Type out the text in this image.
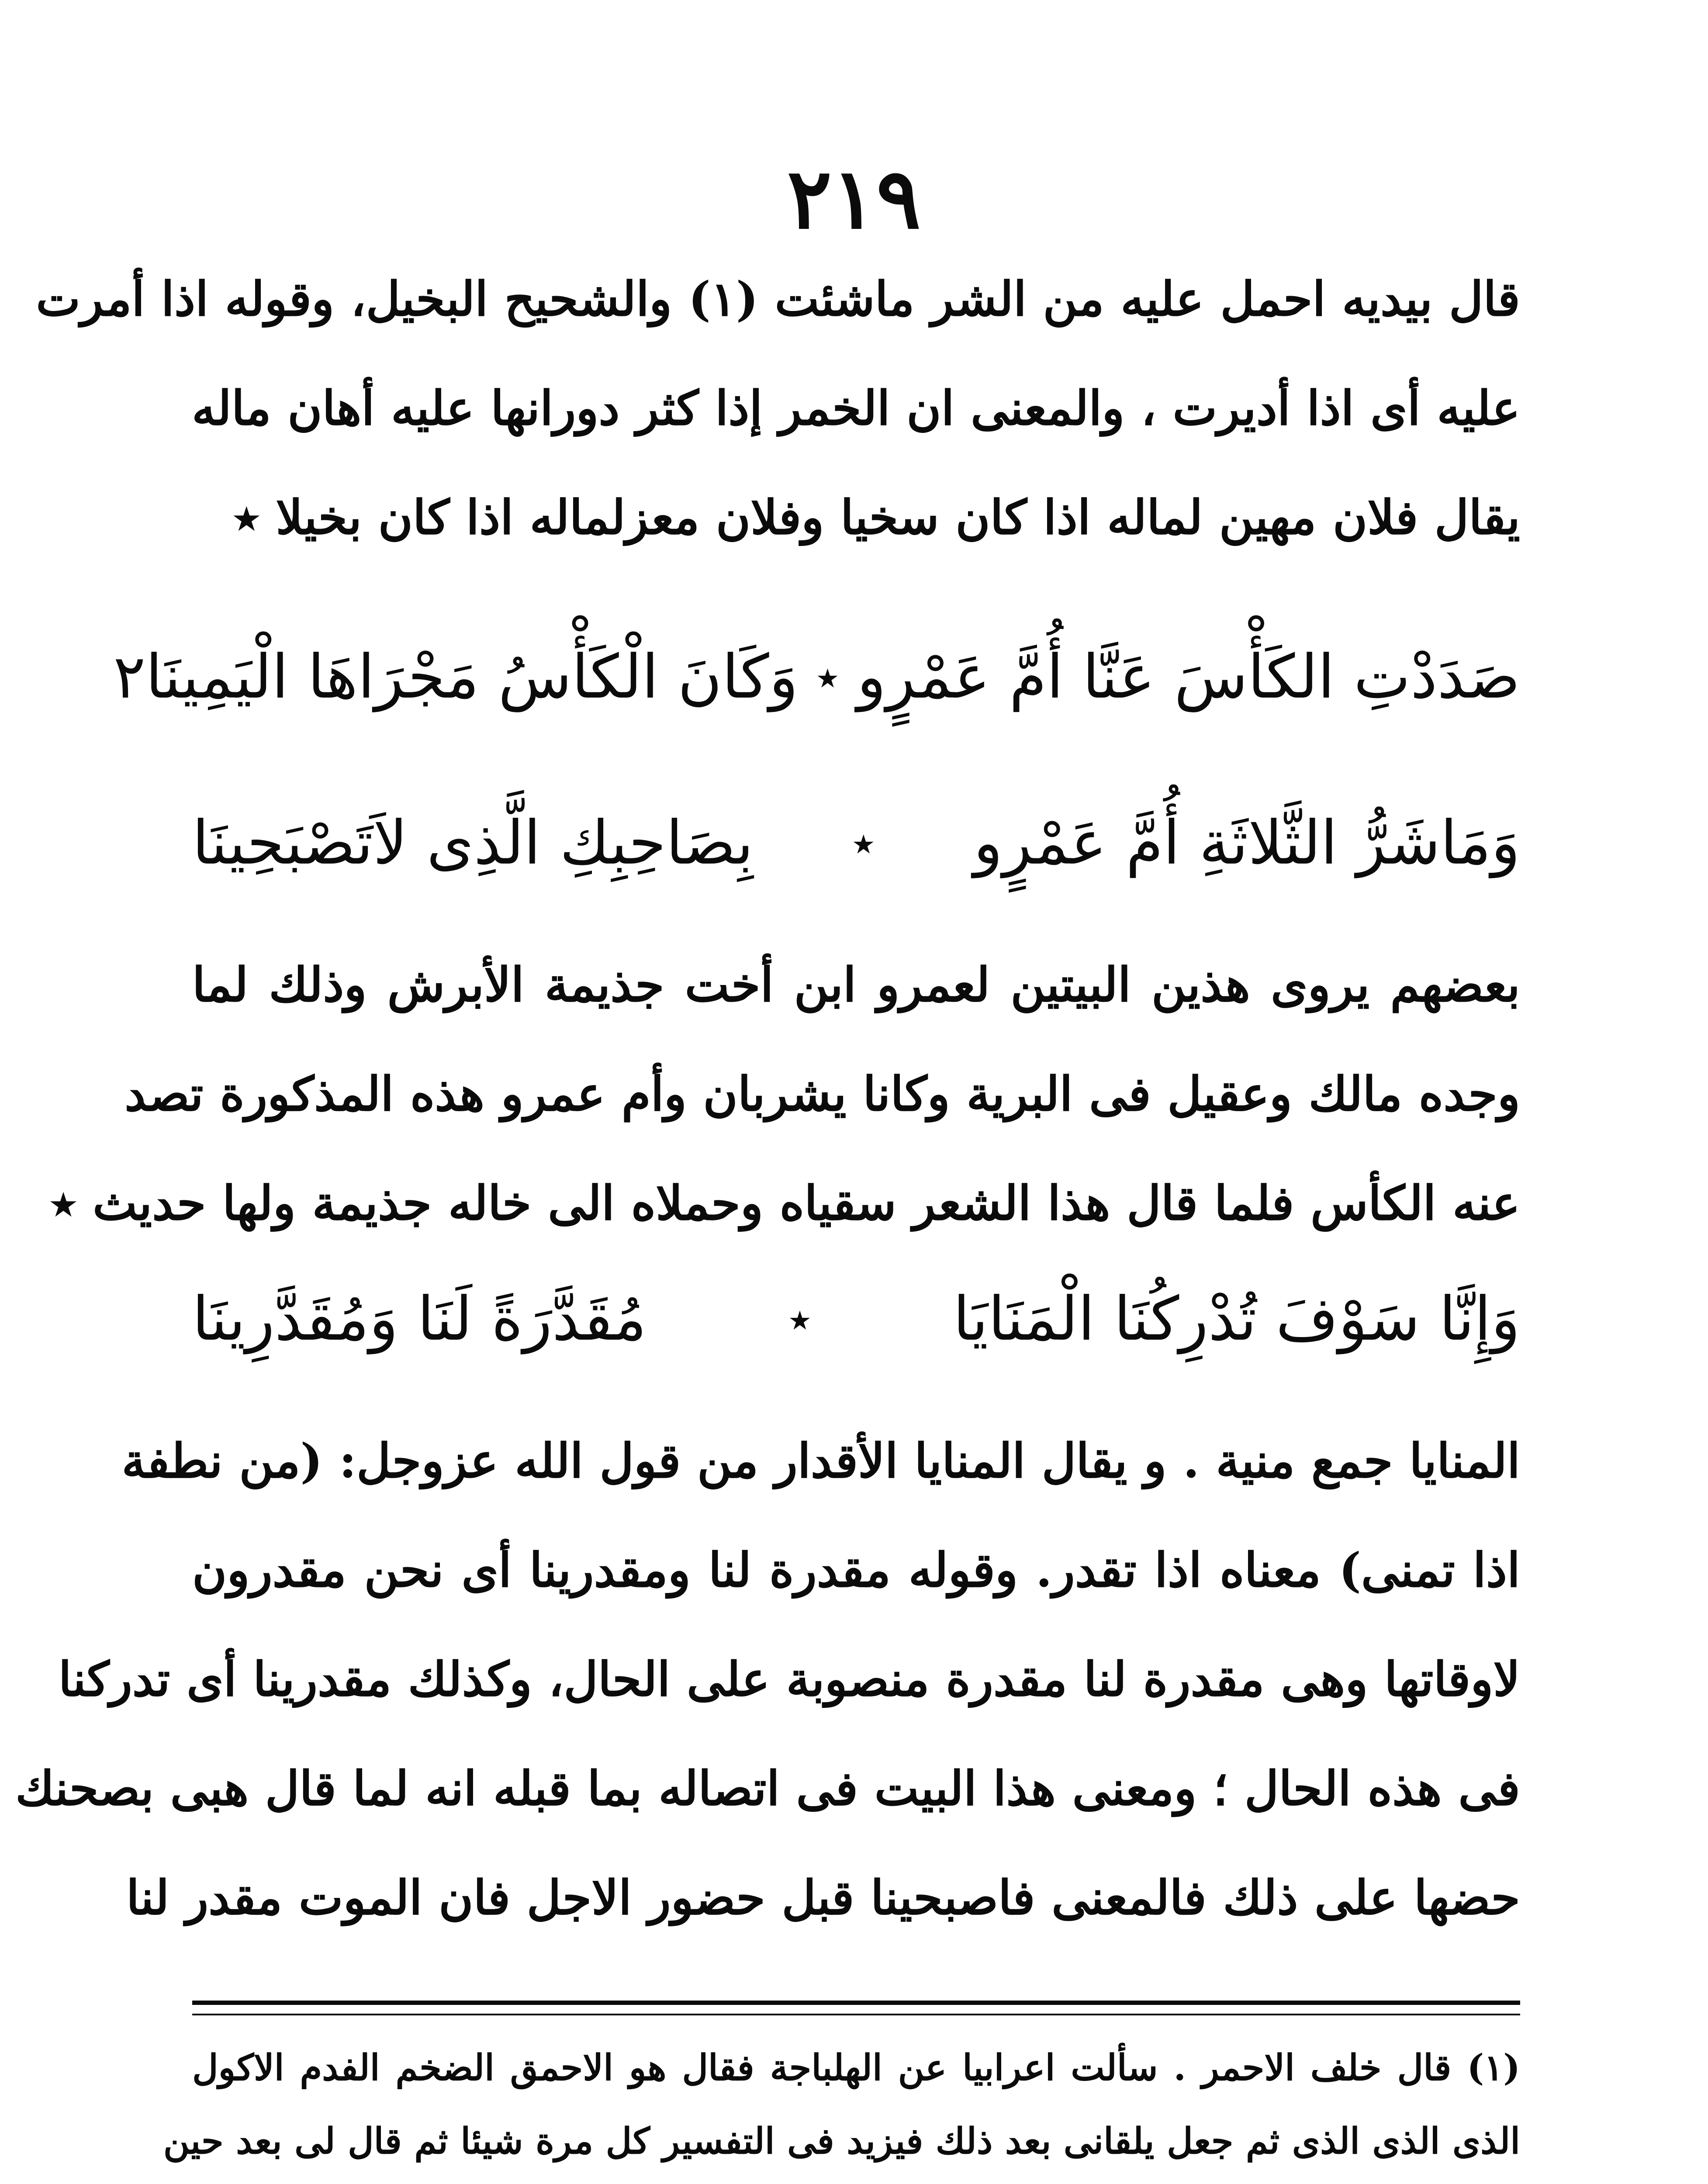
٢١٩
قال بيديه احمل عليه من الشر ماشئت (١) والشحيح البخيل، وقوله اذا أمرت
عليه أى اذا أديرت ، والمعنى ان الخمر إذا كثر دورانها عليه أهان ماله
يقال فلان مهين لماله اذا كان سخيا وفلان معزلماله اذا كان بخيلا ٭
صَدَدْتِ الكَأْسَ عَنَّا أُمَّ عَمْرٍو
٭
وَكَانَ الْكَأْسُ مَجْرَاهَا الْيَمِينَا٢
وَمَاشَرُّ الثَّلاثَةِ أُمَّ عَمْرٍو
٭
بِصَاحِبِكِ الَّذِى لاَتَصْبَحِينَا
بعضهم يروى هذين البيتين لعمرو ابن أخت جذيمة الأبرش وذلك لما
وجده مالك وعقيل فى البرية وكانا يشربان وأم عمرو هذه المذكورة تصد
عنه الكأس فلما قال هذا الشعر سقياه وحملاه الى خاله جذيمة ولها حديث ٭
وَإِنَّا سَوْفَ تُدْرِكُنَا الْمَنَايَا
٭
مُقَدَّرَةً لَنَا وَمُقَدَّرِينَا
المنايا جمع منية . و يقال المنايا الأقدار من قول الله عزوجل: (من نطفة
اذا تمنى) معناه اذا تقدر. وقوله مقدرة لنا ومقدرينا أى نحن مقدرون
لاوقاتها وهى مقدرة لنا مقدرة منصوبة على الحال، وكذلك مقدرينا أى تدركنا
فى هذه الحال ؛ ومعنى هذا البيت فى اتصاله بما قبله انه لما قال هبى بصحنك
حضها على ذلك فالمعنى فاصبحينا قبل حضور الاجل فان الموت مقدر لنا
(١) قال خلف الاحمر . سألت اعرابيا عن الهلباجة فقال هو الاحمق الضخم الفدم الاكول
الذى الذى الذى ثم جعل يلقانى بعد ذلك فيزيد فى التفسير كل مرة شيئا ثم قال لى بعد حين
